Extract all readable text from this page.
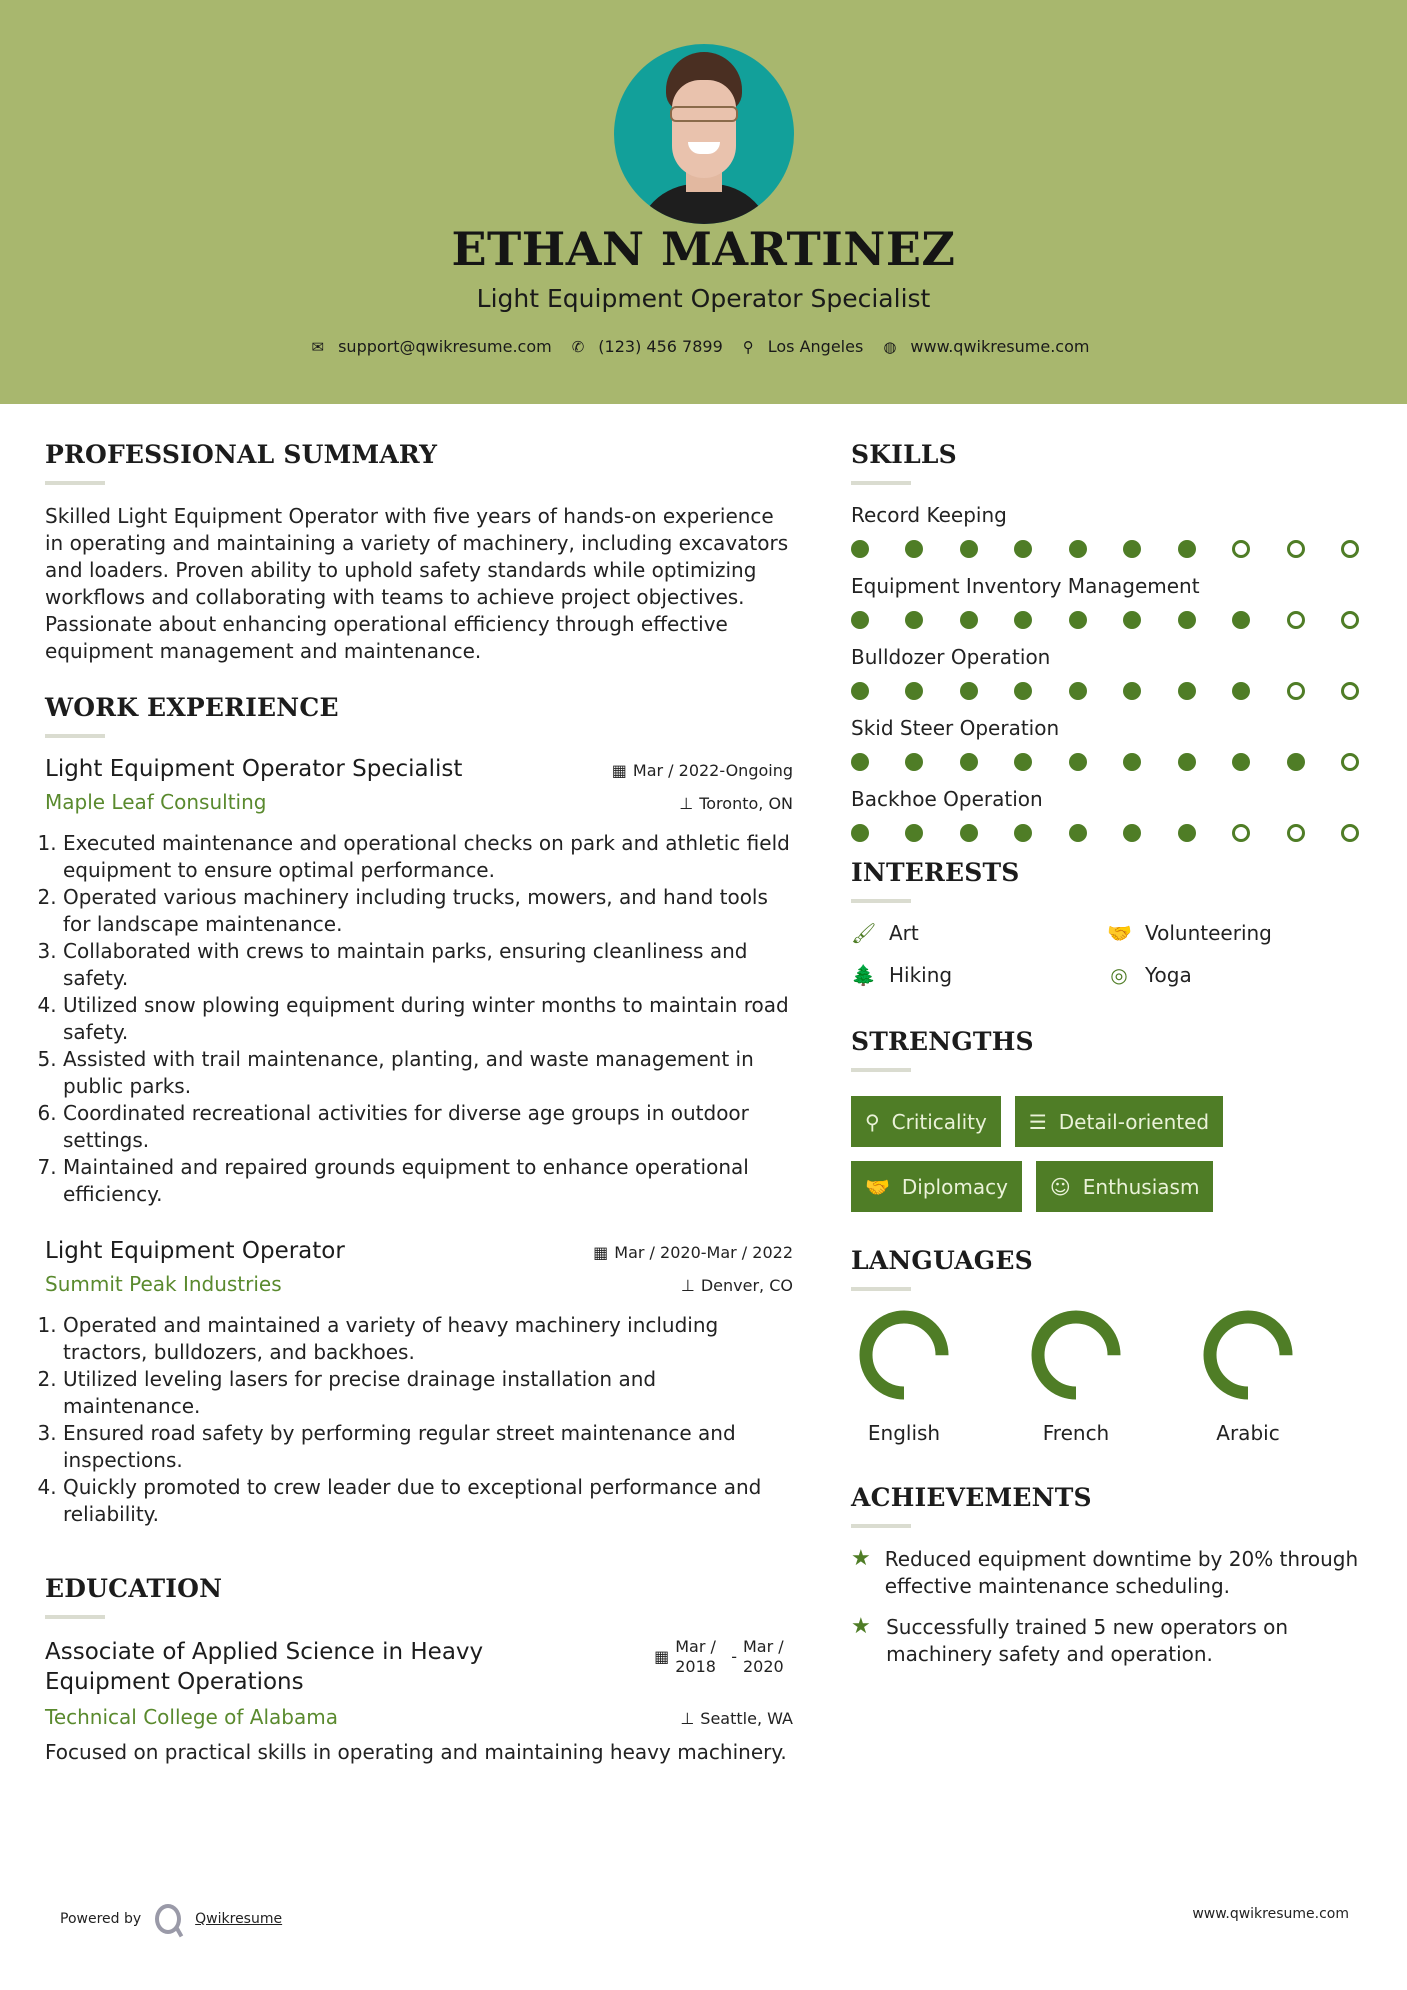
ETHAN MARTINEZ
Light Equipment Operator Specialist
✉ support@qwikresume.com ✆ (123) 456 7899 ⚲ Los Angeles ◍ www.qwikresume.com
PROFESSIONAL SUMMARY
Skilled Light Equipment Operator with five years of hands-on experience in operating and maintaining a variety of machinery, including excavators and loaders. Proven ability to uphold safety standards while optimizing workflows and collaborating with teams to achieve project objectives. Passionate about enhancing operational efficiency through effective equipment management and maintenance.
WORK EXPERIENCE
Light Equipment Operator Specialist	▦ Mar / 2022-Ongoing
Maple Leaf Consulting	⊥ Toronto, ON
1. Executed maintenance and operational checks on park and athletic field equipment to ensure optimal performance.
2. Operated various machinery including trucks, mowers, and hand tools for landscape maintenance.
3. Collaborated with crews to maintain parks, ensuring cleanliness and safety.
4. Utilized snow plowing equipment during winter months to maintain road safety.
5. Assisted with trail maintenance, planting, and waste management in public parks.
6. Coordinated recreational activities for diverse age groups in outdoor settings.
7. Maintained and repaired grounds equipment to enhance operational efficiency.
Light Equipment Operator	▦ Mar / 2020-Mar / 2022
Summit Peak Industries	⊥ Denver, CO
1. Operated and maintained a variety of heavy machinery including tractors, bulldozers, and backhoes.
2. Utilized leveling lasers for precise drainage installation and maintenance.
3. Ensured road safety by performing regular street maintenance and inspections.
4. Quickly promoted to crew leader due to exceptional performance and reliability.
EDUCATION
Associate of Applied Science in Heavy Equipment Operations
▦
Mar / 2018
-
Mar / 2020
Technical College of Alabama	⊥ Seattle, WA
Focused on practical skills in operating and maintaining heavy machinery.
SKILLS
Record Keeping
Equipment Inventory Management
Bulldozer Operation
Skid Steer Operation
Backhoe Operation
INTERESTS
🖌 Art	🤝 Volunteering
🌲 Hiking	◎ Yoga
STRENGTHS
⚲ Criticality ☰ Detail-oriented
🤝 Diplomacy ☺ Enthusiasm
LANGUAGES
English	French	Arabic
ACHIEVEMENTS
★ Reduced equipment downtime by 20% through effective maintenance scheduling.
★ Successfully trained 5 new operators on machinery safety and operation.
Powered by	Qwikresume	www.qwikresume.com
